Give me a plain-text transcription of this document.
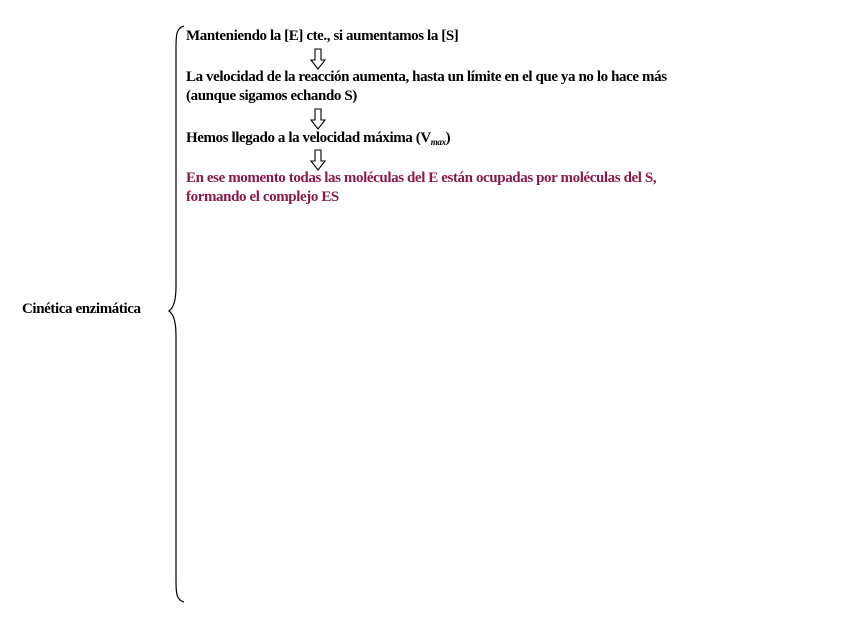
Cinética enzimática
Manteniendo la [E] cte., si aumentamos la [S]
La velocidad de la reacción aumenta, hasta un límite en el que ya no lo hace más
(aunque sigamos echando S)
Hemos llegado a la velocidad máxima $(V_{max})$
En ese momento todas las moléculas del E están ocupadas por moléculas del S,
formando el complejo ES
